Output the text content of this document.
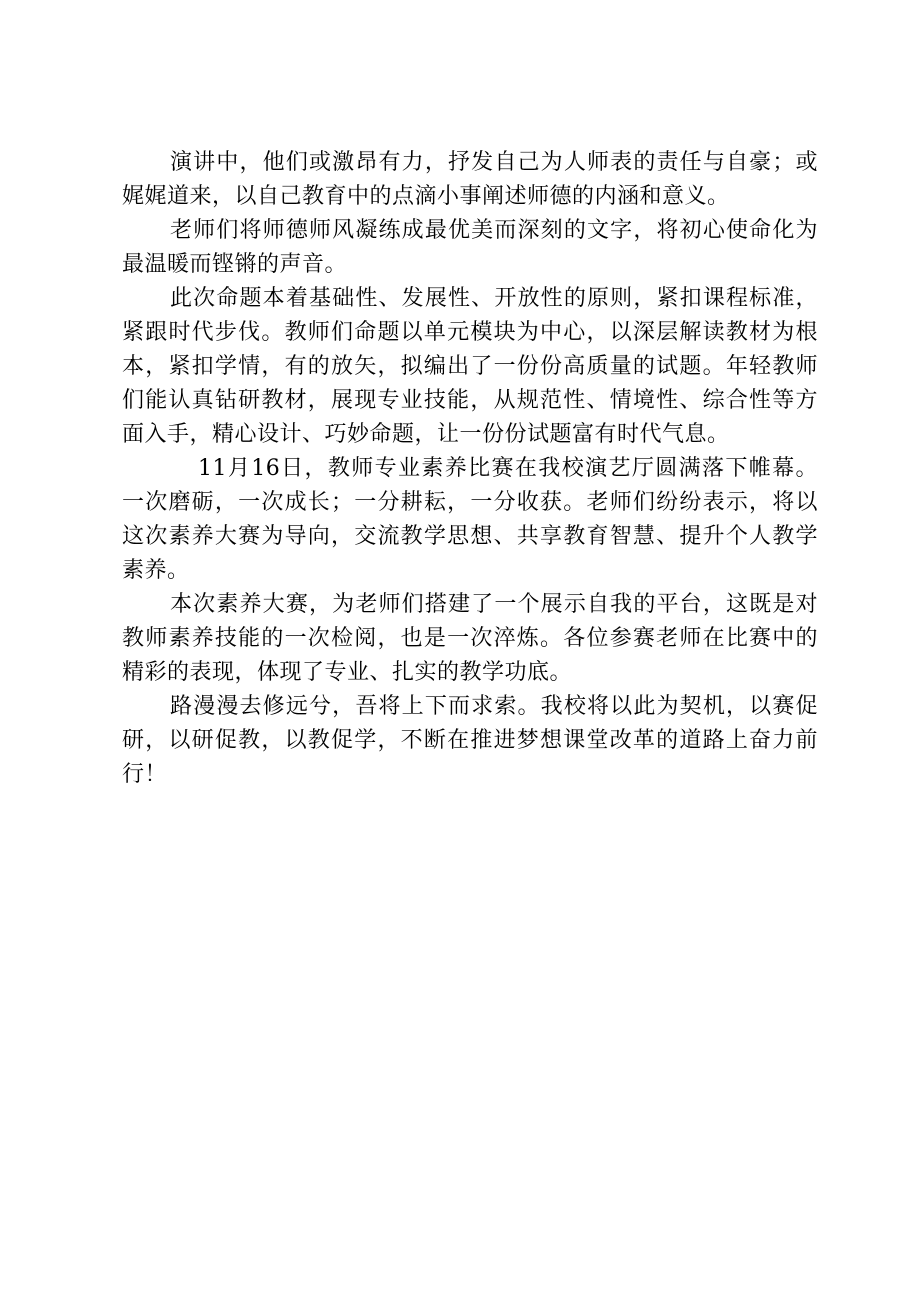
演讲中，他们或激昂有力，抒发自己为人师表的责任与自豪；或娓娓道来，以自己教育中的点滴小事阐述师德的内涵和意义。

老师们将师德师风凝练成最优美而深刻的文字，将初心使命化为最温暖而铿锵的声音。

此次命题本着基础性、发展性、开放性的原则，紧扣课程标准，紧跟时代步伐。教师们命题以单元模块为中心，以深层解读教材为根本，紧扣学情，有的放矢，拟编出了一份份高质量的试题。年轻教师们能认真钻研教材，展现专业技能，从规范性、情境性、综合性等方面入手，精心设计、巧妙命题，让一份份试题富有时代气息。

11月16日，教师专业素养比赛在我校演艺厅圆满落下帷幕。一次磨砺，一次成长；一分耕耘，一分收获。老师们纷纷表示，将以这次素养大赛为导向，交流教学思想、共享教育智慧、提升个人教学素养。

本次素养大赛，为老师们搭建了一个展示自我的平台，这既是对教师素养技能的一次检阅，也是一次淬炼。各位参赛老师在比赛中的精彩的表现，体现了专业、扎实的教学功底。

路漫漫去修远兮，吾将上下而求索。我校将以此为契机，以赛促研，以研促教，以教促学，不断在推进梦想课堂改革的道路上奋力前行！
